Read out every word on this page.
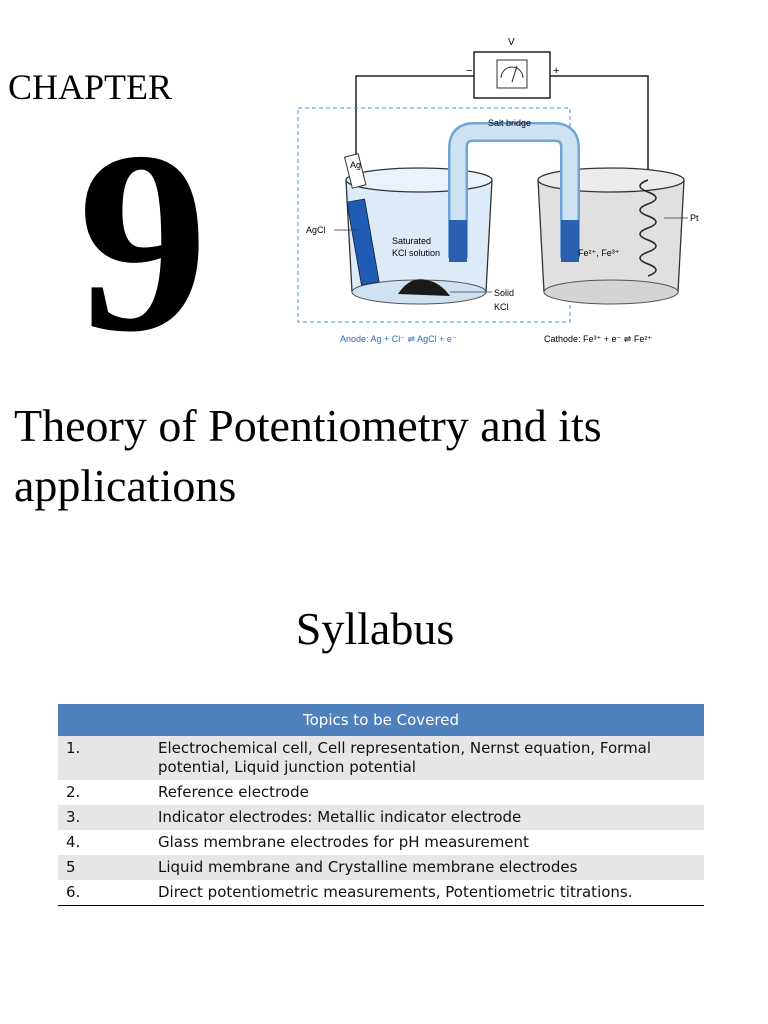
CHAPTER
9
V
−	+
Salt bridge
Ag
AgCl
Solid
KCl
Saturated
KCl solution
Pt
Fe²⁺, Fe³⁺
Anode: Ag + Cl⁻ ⇌ AgCl + e⁻	Cathode: Fe³⁺ + e⁻ ⇌ Fe²⁺
Theory of Potentiometry and its applications
Syllabus
Topics to be Covered	
1.	Electrochemical cell, Cell representation, Nernst equation, Formal potential, Liquid junction potential
2.	Reference electrode
3.	Indicator electrodes: Metallic indicator electrode
4.	Glass membrane electrodes for pH measurement
5	Liquid membrane and Crystalline membrane electrodes
6.	Direct potentiometric measurements, Potentiometric titrations.
